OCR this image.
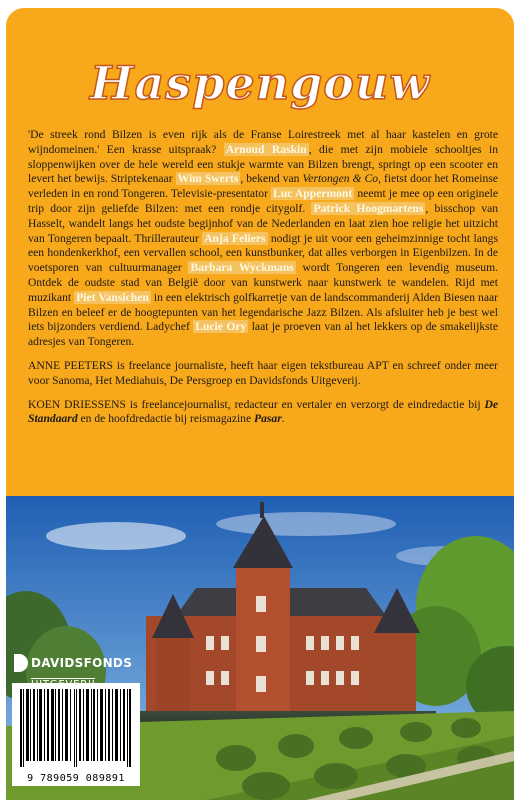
Haspengouw

'De streek rond Bilzen is even rijk als de Franse Loirestreek met al haar kastelen en grote wijndomeinen.' Een krasse uitspraak? Arnoud Raskin , die met zijn mobiele schooltjes in sloppenwijken over de hele wereld een stukje warmte van Bilzen brengt, springt op een scooter en levert het bewijs. Striptekenaar Wim Swerts , bekend van Vertongen & Co, fietst door het Romeinse verleden in en rond Tongeren. Televisie-presentator Luc Appermont neemt je mee op een originele trip door zijn geliefde Bilzen: met een rondje citygolf. Patrick Hoogmartens , bisschop van Hasselt, wandelt langs het oudste begijnhof van de Nederlanden en laat zien hoe religie het uitzicht van Tongeren bepaalt. Thrillerauteur Anja Feliers nodigt je uit voor een geheimzinnige tocht langs een hondenkerkhof, een vervallen school, een kunstbunker, dat alles verborgen in Eigenbilzen. In de voetsporen van cultuurmanager Barbara Wyckmans wordt Tongeren een levendig museum. Ontdek de oudste stad van België door van kunstwerk naar kunstwerk te wandelen. Rijd met muzikant Piet Vansichen in een elektrisch golfkarretje van de landscommanderij Alden Biesen naar Bilzen en beleef er de hoogtepunten van het legendarische Jazz Bilzen. Als afsluiter heb je best wel iets bijzonders verdiend. Ladychef Lucie Ory laat je proeven van al het lekkers op de smakelijkste adresjes van Tongeren.

ANNE PEETERS is freelance journaliste, heeft haar eigen tekstbureau APT en schreef onder meer voor Sanoma, Het Mediahuis, De Persgroep en Davidsfonds Uitgeverij.

KOEN DRIESSENS is freelancejournalist, redacteur en vertaler en verzorgt de eindredactie bij De Standaard en de hoofdredactie bij reismagazine Pasar.

DAVIDSFONDS

9 789059 089891
